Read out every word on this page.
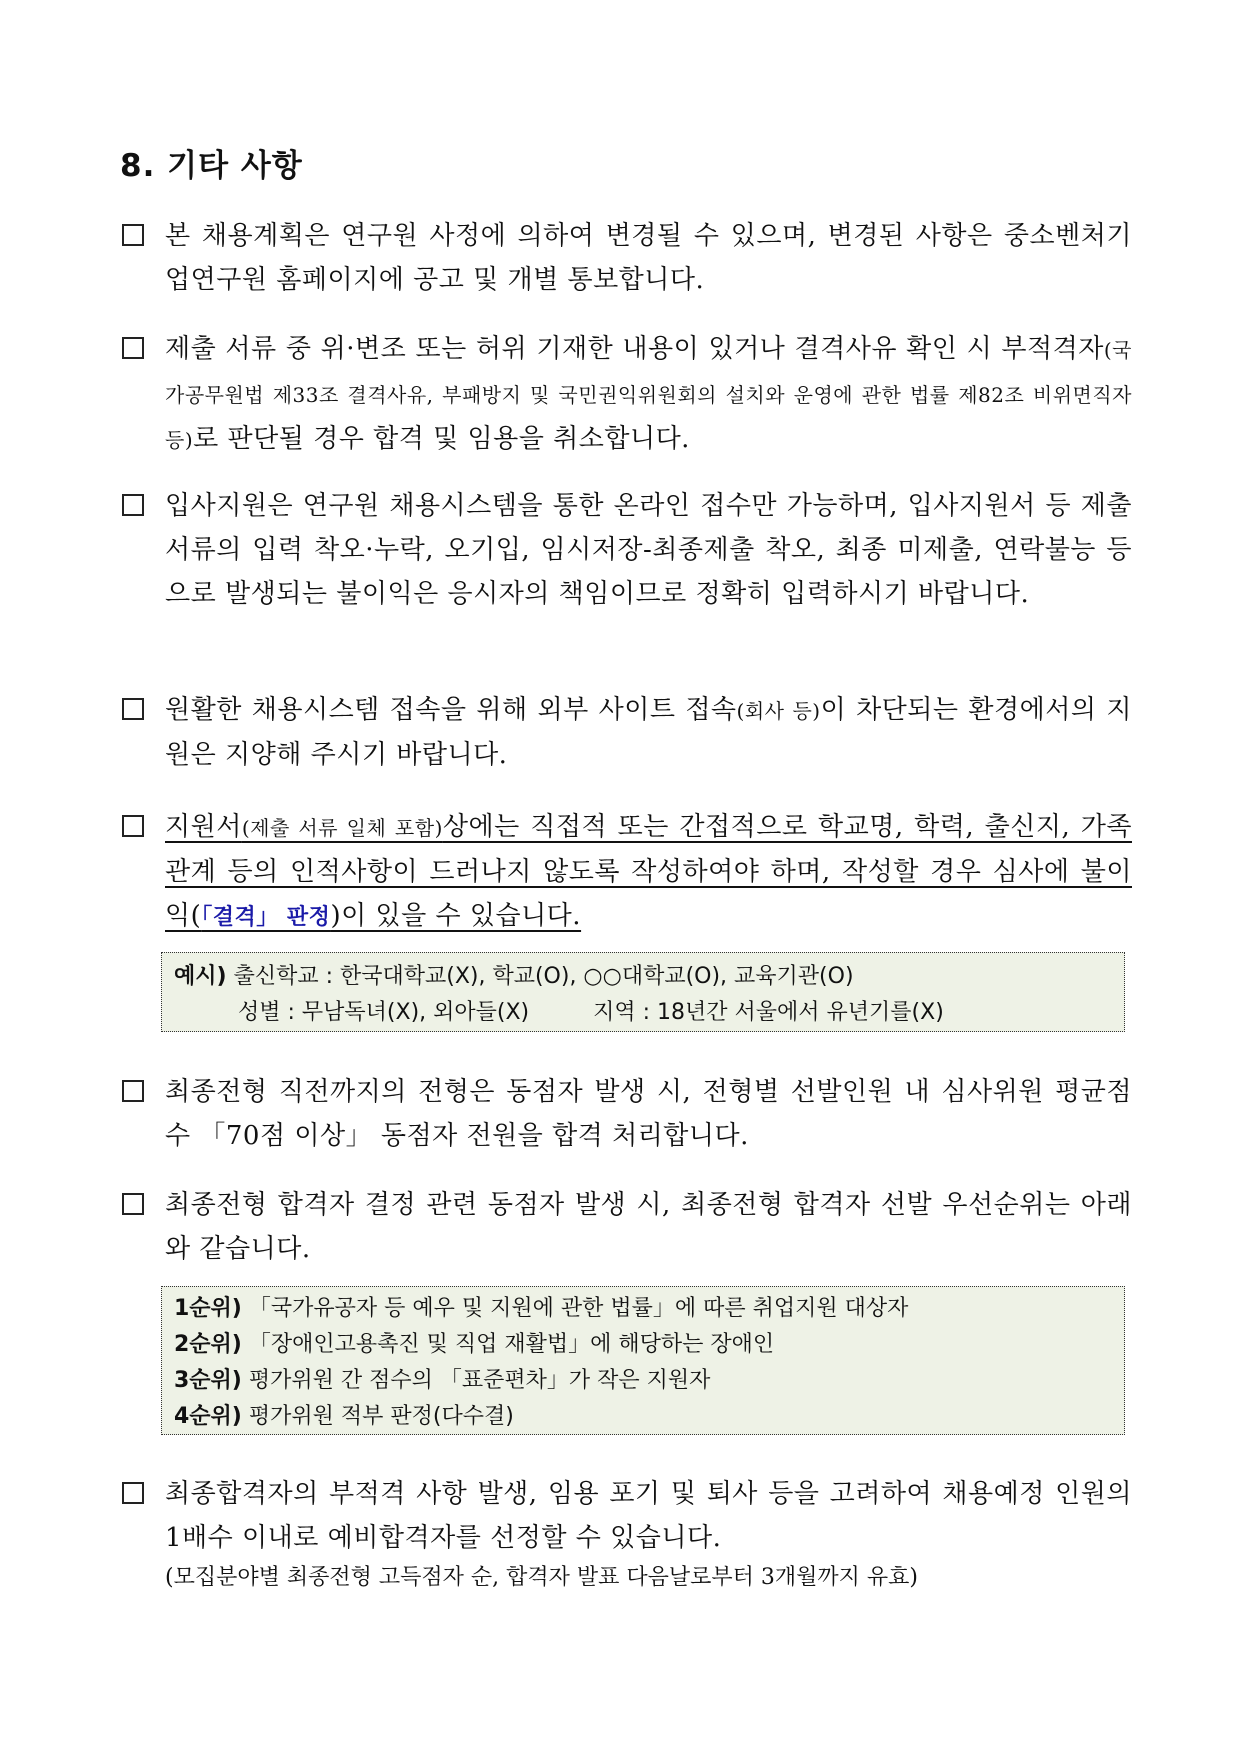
8. 기타 사항
본 채용계획은 연구원 사정에 의하여 변경될 수 있으며, 변경된 사항은 중소벤처기업연구원 홈페이지에 공고 및 개별 통보합니다.
제출 서류 중 위·변조 또는 허위 기재한 내용이 있거나 결격사유 확인 시 부적격자(국가공무원법 제33조 결격사유, 부패방지 및 국민권익위원회의 설치와 운영에 관한 법률 제82조 비위면직자 등)로 판단될 경우 합격 및 임용을 취소합니다.
입사지원은 연구원 채용시스템을 통한 온라인 접수만 가능하며, 입사지원서 등 제출 서류의 입력 착오·누락, 오기입, 임시저장-최종제출 착오, 최종 미제출, 연락불능 등으로 발생되는 불이익은 응시자의 책임이므로 정확히 입력하시기 바랍니다.
원활한 채용시스템 접속을 위해 외부 사이트 접속(회사 등)이 차단되는 환경에서의 지원은 지양해 주시기 바랍니다.
지원서(제출 서류 일체 포함)상에는 직접적 또는 간접적으로 학교명, 학력, 출신지, 가족관계 등의 인적사항이 드러나지 않도록 작성하여야 하며, 작성할 경우 심사에 불이익(「결격」 판정)이 있을 수 있습니다.
예시) 출신학교 : 한국대학교(X), 학교(O), ○○대학교(O), 교육기관(O)
성별 : 무남독녀(X), 외아들(X)	지역 : 18년간 서울에서 유년기를(X)
최종전형 직전까지의 전형은 동점자 발생 시, 전형별 선발인원 내 심사위원 평균점수 「70점 이상」 동점자 전원을 합격 처리합니다.
최종전형 합격자 결정 관련 동점자 발생 시, 최종전형 합격자 선발 우선순위는 아래와 같습니다.
1순위) 「국가유공자 등 예우 및 지원에 관한 법률」에 따른 취업지원 대상자
2순위) 「장애인고용촉진 및 직업 재활법」에 해당하는 장애인
3순위) 평가위원 간 점수의 「표준편차」가 작은 지원자
4순위) 평가위원 적부 판정(다수결)
최종합격자의 부적격 사항 발생, 임용 포기 및 퇴사 등을 고려하여 채용예정 인원의 1배수 이내로 예비합격자를 선정할 수 있습니다.
(모집분야별 최종전형 고득점자 순, 합격자 발표 다음날로부터 3개월까지 유효)
